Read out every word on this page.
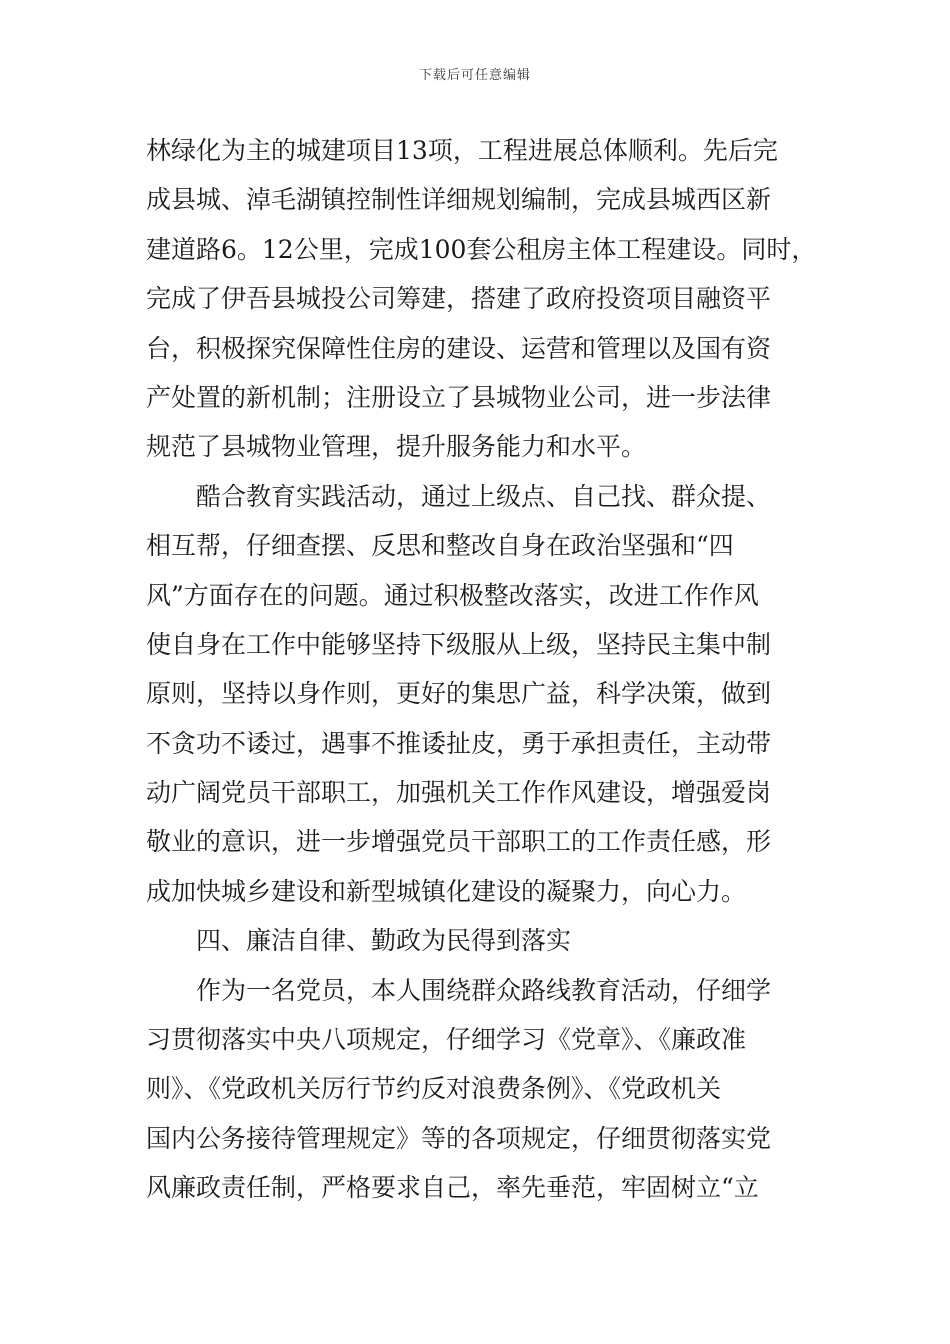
下载后可任意编辑
林绿化为主的城建项目13项，工程进展总体顺利。先后完
成县城、淖毛湖镇控制性详细规划编制，完成县城西区新
建道路6。12公里，完成100套公租房主体工程建设。同时，
完成了伊吾县城投公司筹建，搭建了政府投资项目融资平
台，积极探究保障性住房的建设、运营和管理以及国有资
产处置的新机制；注册设立了县城物业公司，进一步法律
规范了县城物业管理，提升服务能力和水平。
酷合教育实践活动，通过上级点、自己找、群众提、
相互帮，仔细查摆、反思和整改自身在政治坚强和“四
风”方面存在的问题。通过积极整改落实，改进工作作风
使自身在工作中能够坚持下级服从上级，坚持民主集中制
原则，坚持以身作则，更好的集思广益，科学决策，做到
不贪功不诿过，遇事不推诿扯皮，勇于承担责任，主动带
动广阔党员干部职工，加强机关工作作风建设，增强爱岗
敬业的意识，进一步增强党员干部职工的工作责任感，形
成加快城乡建设和新型城镇化建设的凝聚力，向心力。
四、廉洁自律、勤政为民得到落实
作为一名党员，本人围绕群众路线教育活动，仔细学
习贯彻落实中央八项规定，仔细学习《党章》、《廉政准
则》、《党政机关厉行节约反对浪费条例》、《党政机关
国内公务接待管理规定》等的各项规定，仔细贯彻落实党
风廉政责任制，严格要求自己，率先垂范，牢固树立“立
